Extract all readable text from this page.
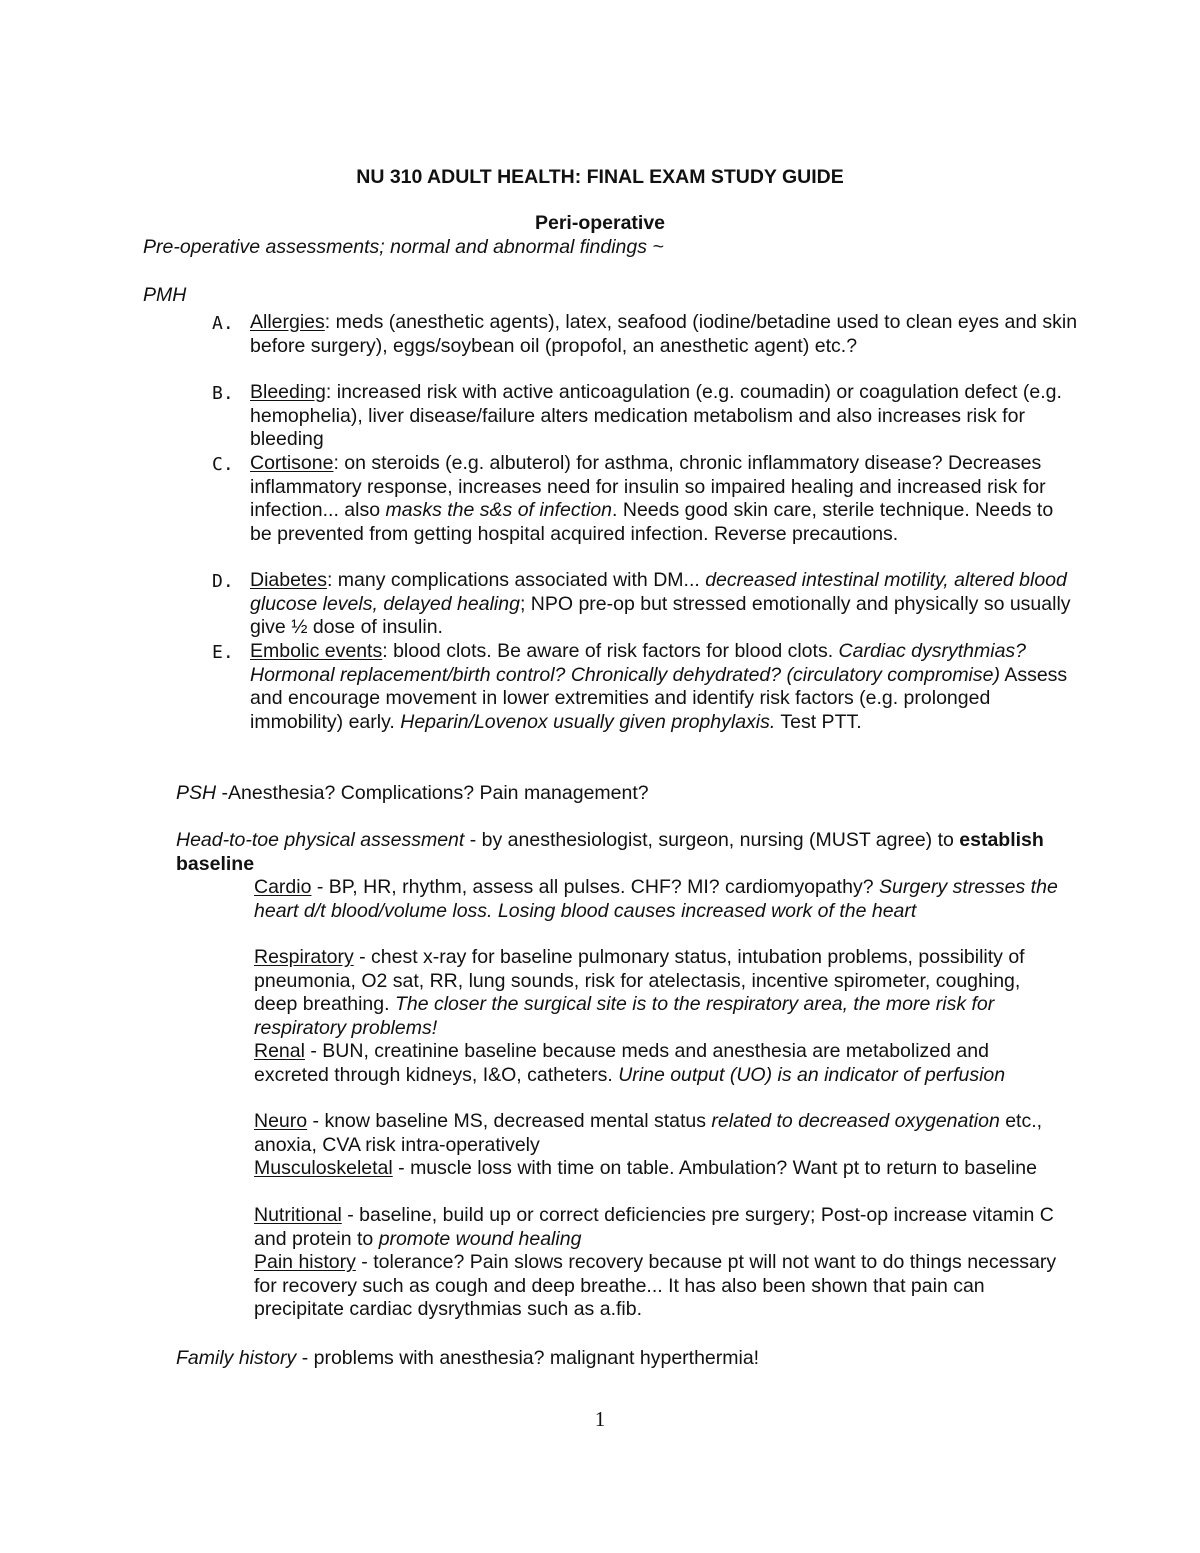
NU 310 ADULT HEALTH: FINAL EXAM STUDY GUIDE
Peri-operative
Pre-operative assessments; normal and abnormal findings ~
PMH
A. Allergies: meds (anesthetic agents), latex, seafood (iodine/betadine used to clean eyes and skin before surgery), eggs/soybean oil (propofol, an anesthetic agent) etc.?
B. Bleeding: increased risk with active anticoagulation (e.g. coumadin) or coagulation defect (e.g. hemophelia), liver disease/failure alters medication metabolism and also increases risk for bleeding
C. Cortisone: on steroids (e.g. albuterol) for asthma, chronic inflammatory disease? Decreases inflammatory response, increases need for insulin so impaired healing and increased risk for infection... also masks the s&s of infection. Needs good skin care, sterile technique. Needs to be prevented from getting hospital acquired infection. Reverse precautions.
D. Diabetes: many complications associated with DM... decreased intestinal motility, altered blood glucose levels, delayed healing; NPO pre-op but stressed emotionally and physically so usually give ½ dose of insulin.
E. Embolic events: blood clots. Be aware of risk factors for blood clots. Cardiac dysrythmias? Hormonal replacement/birth control? Chronically dehydrated? (circulatory compromise) Assess and encourage movement in lower extremities and identify risk factors (e.g. prolonged immobility) early. Heparin/Lovenox usually given prophylaxis. Test PTT.
PSH -Anesthesia? Complications? Pain management?
Head-to-toe physical assessment - by anesthesiologist, surgeon, nursing (MUST agree) to establish baseline
Cardio - BP, HR, rhythm, assess all pulses. CHF? MI? cardiomyopathy? Surgery stresses the heart d/t blood/volume loss. Losing blood causes increased work of the heart
Respiratory - chest x-ray for baseline pulmonary status, intubation problems, possibility of pneumonia, O2 sat, RR, lung sounds, risk for atelectasis, incentive spirometer, coughing, deep breathing. The closer the surgical site is to the respiratory area, the more risk for respiratory problems!
Renal - BUN, creatinine baseline because meds and anesthesia are metabolized and excreted through kidneys, I&O, catheters. Urine output (UO) is an indicator of perfusion
Neuro - know baseline MS, decreased mental status related to decreased oxygenation etc., anoxia, CVA risk intra-operatively
Musculoskeletal - muscle loss with time on table. Ambulation? Want pt to return to baseline
Nutritional - baseline, build up or correct deficiencies pre surgery; Post-op increase vitamin C and protein to promote wound healing
Pain history - tolerance? Pain slows recovery because pt will not want to do things necessary for recovery such as cough and deep breathe... It has also been shown that pain can precipitate cardiac dysrythmias such as a.fib.
Family history - problems with anesthesia? malignant hyperthermia!
1
